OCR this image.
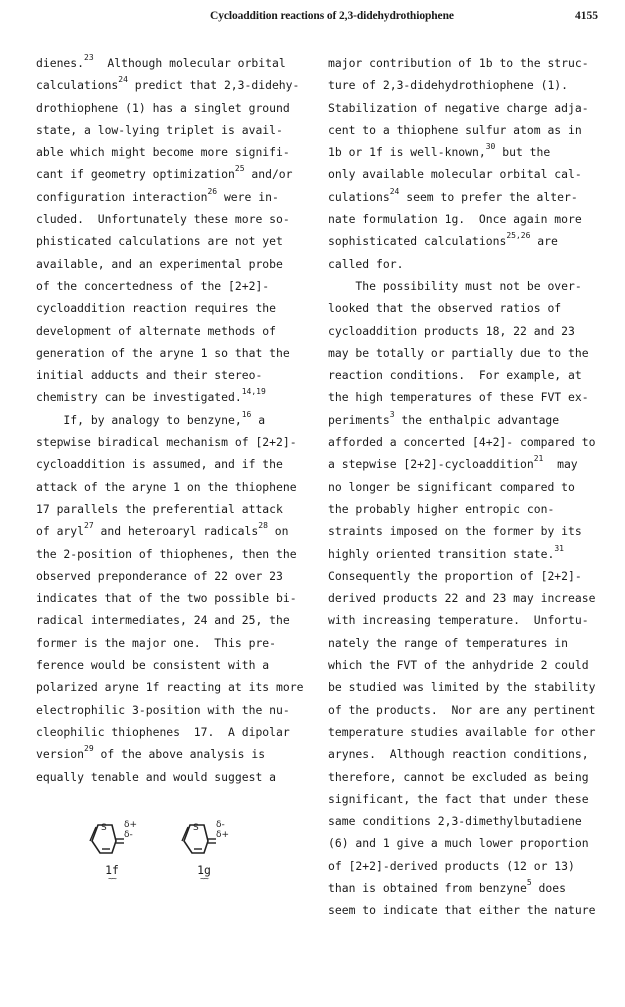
Cycloaddition reactions of 2,3-didehydrothiophene	4155
dienes.$^{23}$  Although molecular orbital
calculations$^{24}$ predict that 2,3-didehy-
drothiophene (1) has a singlet ground
state, a low-lying triplet is avail-
able which might become more signifi-
cant if geometry optimization$^{25}$ and/or
configuration interaction$^{26}$ were in-
cluded.  Unfortunately these more so-
phisticated calculations are not yet
available, and an experimental probe
of the concertedness of the [2+2]-
cycloaddition reaction requires the
development of alternate methods of
generation of the aryne 1 so that the
initial adducts and their stereo-
chemistry can be investigated.$^{14,19}$
If, by analogy to benzyne,$^{16}$ a
stepwise biradical mechanism of [2+2]-
cycloaddition is assumed, and if the
attack of the aryne 1 on the thiophene
17 parallels the preferential attack
of aryl$^{27}$ and heteroaryl radicals$^{28}$ on
the 2-position of thiophenes, then the
observed preponderance of 22 over 23
indicates that of the two possible bi-
radical intermediates, 24 and 25, the
former is the major one.  This pre-
ference would be consistent with a
polarized aryne 1f reacting at its more
electrophilic 3-position with the nu-
cleophilic thiophenes  17.  A dipolar
version$^{29}$ of the above analysis is
equally tenable and would suggest a
major contribution of 1b to the struc-
ture of 2,3-didehydrothiophene (1).
Stabilization of negative charge adja-
cent to a thiophene sulfur atom as in
1b or 1f is well-known,$^{30}$ but the
only available molecular orbital cal-
culations$^{24}$ seem to prefer the alter-
nate formulation 1g.  Once again more
sophisticated calculations$^{25,26}$ are
called for.
The possibility must not be over-
looked that the observed ratios of
cycloaddition products 18, 22 and 23
may be totally or partially due to the
reaction conditions.  For example, at
the high temperatures of these FVT ex-
periments$^3$ the enthalpic advantage
afforded a concerted [4+2]- compared to
a stepwise [2+2]-cycloaddition$^{21}$  may
no longer be significant compared to
the probably higher entropic con-
straints imposed on the former by its
highly oriented transition state.$^{31}$
Consequently the proportion of [2+2]-
derived products 22 and 23 may increase
with increasing temperature.  Unfortu-
nately the range of temperatures in
which the FVT of the anhydride 2 could
be studied was limited by the stability
of the products.  Nor are any pertinent
temperature studies available for other
arynes.  Although reaction conditions,
therefore, cannot be excluded as being
significant, the fact that under these
same conditions 2,3-dimethylbutadiene
(6) and 1 give a much lower proportion
of [2+2]-derived products (12 or 13)
than is obtained from benzyne$^5$ does
seem to indicate that either the nature
S δ+
δ-
1f ~~
S δ-
δ+
1g ~~
